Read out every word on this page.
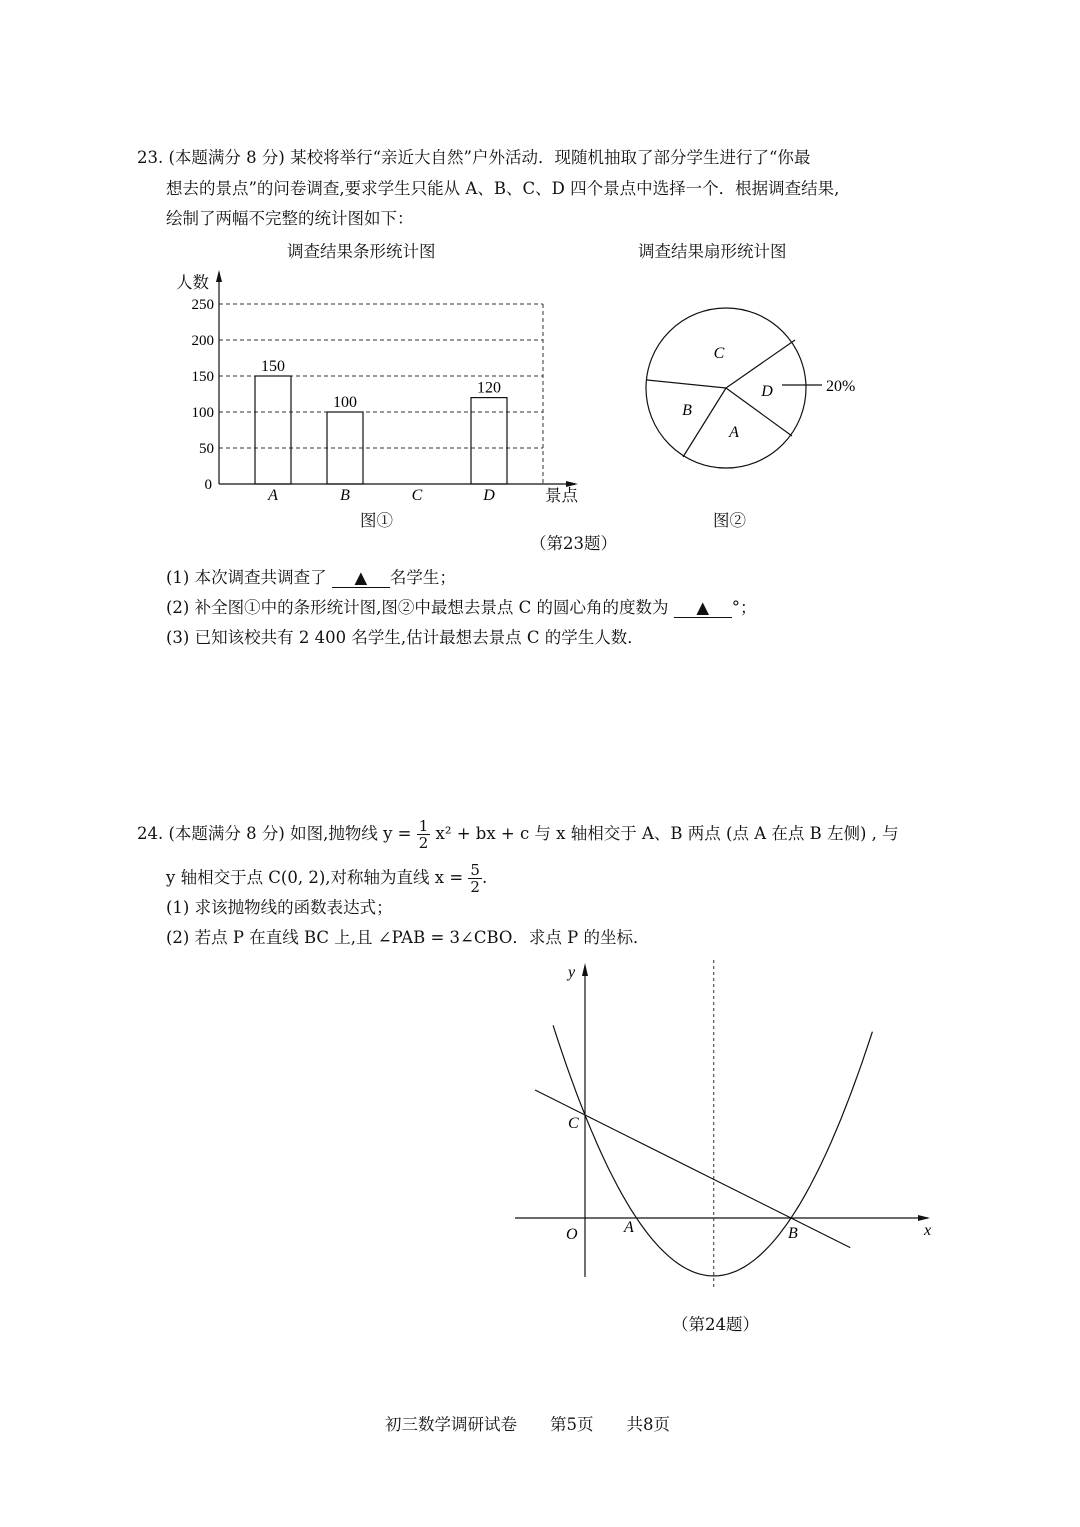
23. (本题满分 8 分) 某校将举行“亲近大自然”户外活动．现随机抽取了部分学生进行了“你最
想去的景点”的问卷调查,要求学生只能从 A、B、C、D 四个景点中选择一个．根据调查结果,
绘制了两幅不完整的统计图如下：
调查结果条形统计图	调查结果扇形统计图
人数
景点
图①	图②
（第23题）
(1) 本次调查共调查了 ▲ 名学生；
(2) 补全图①中的条形统计图,图②中最想去景点 C 的圆心角的度数为 ▲ °；
(3) 已知该校共有 2 400 名学生,估计最想去景点 C 的学生人数．
24. (本题满分 8 分) 如图,抛物线 $y = \frac{1}{2} x^2$ + bx + c 与 x 轴相交于 A、B 两点 (点 A 在点 B 左侧) , 与
y 轴相交于点 C(0, 2),对称轴为直线 $x = \frac{5}{2}$ .
(1) 求该抛物线的函数表达式；
(2) 若点 P 在直线 BC 上,且 ∠PAB = 3∠CBO．求点 P 的坐标．
（第24题）
初三数学调研试卷　　第5页　　共8页
0
50
100
150
200
250
150
A
100
B	C
120
D
C
D
A
B
20%
y
x
O	A	B
C
